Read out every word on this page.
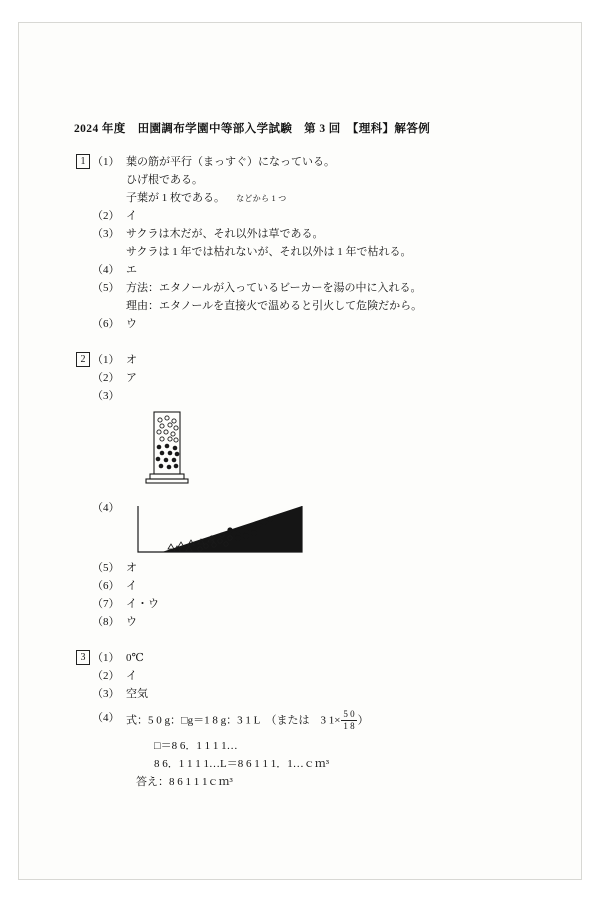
2024 年度　田園調布学園中等部入学試験　第 3 回　【理科】解答例
1 （1） 葉の筋が平行（まっすぐ）になっている。
ひげ根である。
子葉が 1 枚である。　　 などから 1 つ
（2） イ
（3） サクラは木だが、それ以外は草である。
サクラは 1 年では枯れないが、それ以外は 1 年で枯れる。
（4） エ
（5） 方法：エタノールが入っているビーカーを湯の中に入れる。
理由：エタノールを直接火で温めると引火して危険だから。
（6） ウ
2 （1） オ
（2） ア
（3）
（4）
（5） オ
（6） イ
（7） イ・ウ
（8） ウ
3 （1） 0℃
（2） イ
（3） 空気
（4） 式：5 0 g：□g＝1 8 g：3 1 L　（または　3 $1\times \frac{5 0}{1 8}$ ）
□＝8 6．1 1 1 1…
8 6．1 1 1 1…L＝8 6 1 1 1．1…ｃｍ³
答え：8 6 1 1 1ｃｍ³
